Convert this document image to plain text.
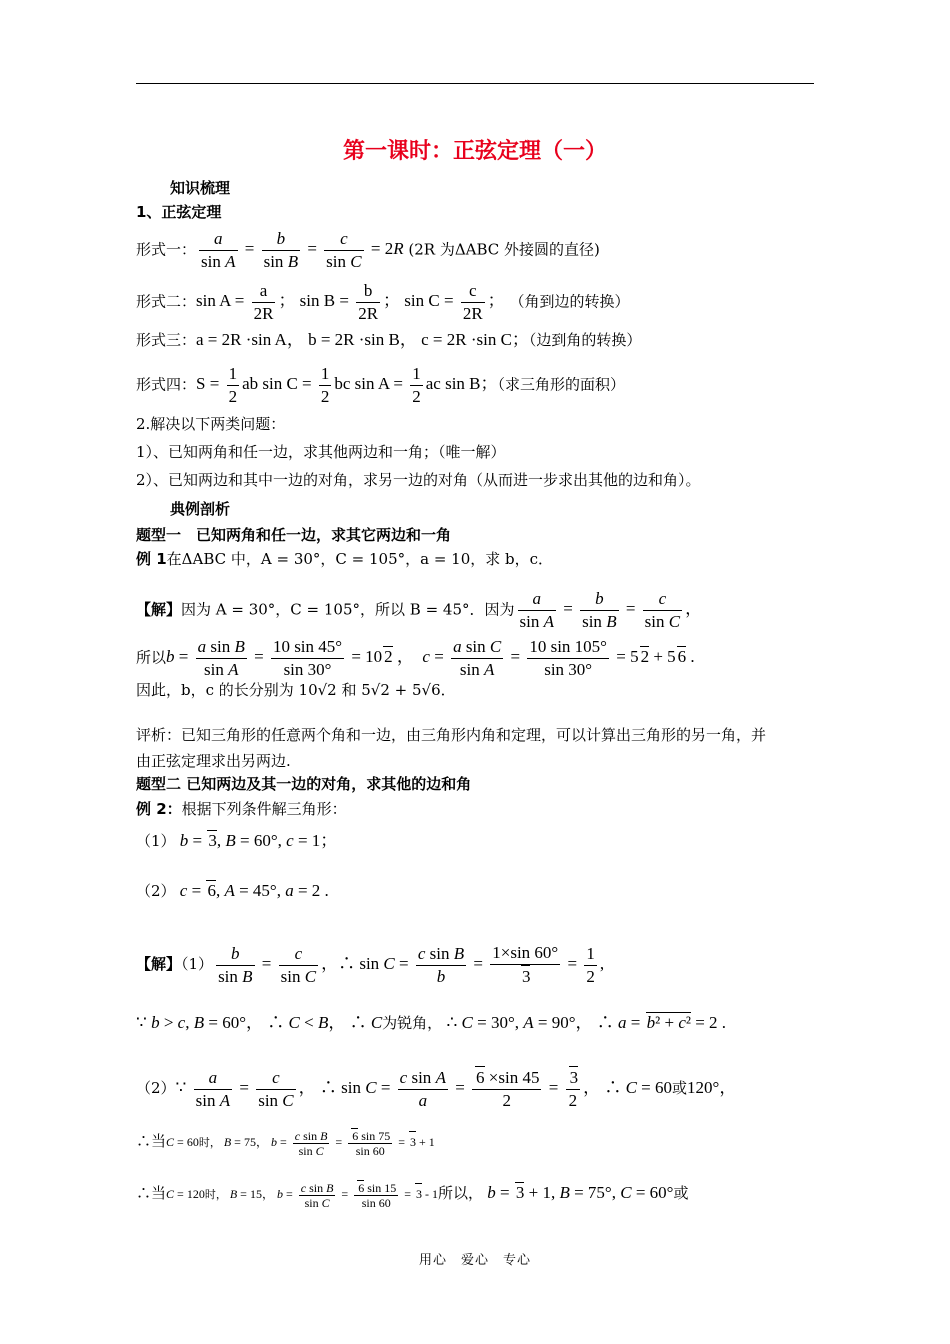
第一课时：正弦定理（一）
知识梳理
1、正弦定理
形式一： $\frac{a}{\text{sin A}} = \frac{b}{\text{sin B}} = \frac{c}{\text{sin C}} = 2R$ (2R 为ΔABC 外接圆的直径)
形式二：$\sin A = \frac{a}{2R}$ ； $\sin B = \frac{b}{2R}$ ； $\sin C = \frac{c}{2R}$ ； （角到边的转换）
形式三：a = 2R ·sin A， b = 2R ·sin B， c = 2R ·sin C；（边到角的转换）
形式四：$S = \frac{1}{2}$ ab $\sin C = \frac{1}{2}$ bc $\sin A = \frac{1}{2}$ ac sin B；（求三角形的面积）
2.解决以下两类问题：
1）、已知两角和任一边，求其他两边和一角；（唯一解）
2）、已知两边和其中一边的对角，求另一边的对角（从而进一步求出其他的边和角）。
典例剖析
题型一　已知两角和任一边，求其它两边和一角
例 1在ΔABC 中，A = 30°，C = 105°，a = 10，求 b，c．
【解】因为 A = 30°，C = 105°，所以 B = 45°．因为 $\frac{a}{\text{sin A}} = \frac{b}{\text{sin B}} = \frac{c}{\text{sin C}}$ ，
所以$b = \frac{\text{a sin B}}{\text{sin A}} = \frac{10 \sin 45^\circ}{\sin 30^\circ} = 10$ 2 ，  $c = \frac{\text{a sin C}}{\text{sin A}} = \frac{10 \sin 105^\circ}{\sin 30^\circ} = 5$ 2 + 5 6 .
因此，b，c 的长分别为 10√2 和 5√2 + 5√6．
评析：已知三角形的任意两个角和一边，由三角形内角和定理，可以计算出三角形的另一角，并
由正弦定理求出另两边.
题型二 已知两边及其一边的对角，求其他的边和角
例 2：根据下列条件解三角形：
（1） b = 3, B = 60°, c = 1；
（2） c = 6, A = 45°, a = 2 .
【解】$(1) \frac{b}{\text{sin B}} = \frac{c}{\text{sin C}}$ ，∴ $\sin C = \frac{\text{c sin B}}{b} = \frac{1\times\sin 60^\circ}{3} = \frac{1}{2}$ ,
∵ b > c, B = 60°， ∴ C < B， ∴ C为锐角， ∴ C = 30°, A = 90°， ∴ a = b² + c² = 2 .
（2）∵ $\frac{a}{\text{sin A}} = \frac{c}{\text{sin C}}$ ， ∴ $\sin C = \frac{\text{c sin A}}{a} = \frac{6 \times\sin 45}{2} = \frac{3}{2}$ ， ∴ C = 60或120°，
∴当C = 60时， B = 75， $b = \frac{\text{c sin B}}{\text{sin C}} = \frac{6 \sin 75}{\sin 60} = 3 + 1$
∴当C = 120时， B = 15， $b = \frac{\text{c sin B}}{\text{sin C}} = \frac{6 \sin 15}{\sin 60} = 3 - 1$所以， b = 3 + 1, B = 75°, C = 60°或
用心　爱心　专心
